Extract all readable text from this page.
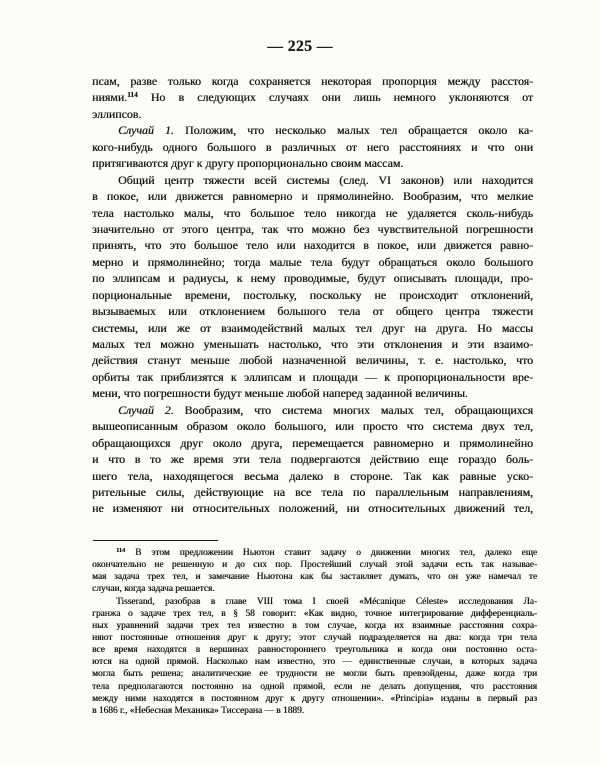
— 225 —
псам, разве только когда сохраняется некоторая пропорция между расстоя-
ниями.$^{114}$ Но в следующих случаях они лишь немного уклоняются от
эллипсов.
Случай 1. Положим, что несколько малых тел обращается около ка-
кого-нибудь одного большого в различных от него расстояниях и что они
притягиваются друг к другу пропорционально своим массам.
Общий центр тяжести всей системы (след. VI законов) или находится
в покое, или движется равномерно и прямолинейно. Вообразим, что мелкие
тела настолько малы, что большое тело никогда не удаляется сколь-нибудь
значительно от этого центра, так что можно без чувствительной погрешности
принять, что это большое тело или находится в покое, или движется равно-
мерно и прямолинейно; тогда малые тела будут обращаться около большого
по эллипсам и радиусы, к нему проводимые, будут описывать площади, про-
порциональные времени, постольку, поскольку не происходит отклонений,
вызываемых или отклонением большого тела от общего центра тяжести
системы, или же от взаимодействий малых тел друг на друга. Но массы
малых тел можно уменьшать настолько, что эти отклонения и эти взаимо-
действия станут меньше любой назначенной величины, т. е. настолько, что
орбиты так приблизятся к эллипсам и площади — к пропорциональности вре-
мени, что погрешности будут меньше любой наперед заданной величины.
Случай 2. Вообразим, что система многих малых тел, обращающихся
вышеописанным образом около большого, или просто что система двух тел,
обращающихся друг около друга, перемещается равномерно и прямолинейно
и что в то же время эти тела подвергаются действию еще гораздо боль-
шего тела, находящегося весьма далеко в стороне. Так как равные уско-
рительные силы, действующие на все тела по параллельным направлениям,
не изменяют ни относительных положений, ни относительных движений тел,
$^{114}$ В этом предложении Ньютон ставит задачу о движении многих тел, далеко еще
окончательно не решенную и до сих пор. Простейший случай этой задачи есть так называе-
мая задача трех тел, и замечание Ньютона как бы заставляет думать, что он уже намечал те
случаи, когда задача решается.
Tisserand, разобрав в главе VIII тома I своей «Mécanique Céleste» исследования Ла-
гранжа о задаче трех тел, в § 58 говорит: «Как видно, точное интегрирование дифференциаль-
ных уравнений задачи трех тел известно в том случае, когда их взаимные расстояния сохра-
няют постоянные отношения друг к другу; этот случай подразделяется на два: когда три тела
все время находятся в вершинах равностороннего треугольника и когда они постоянно оста-
ются на одной прямой. Насколько нам известно, это — единственные случаи, в которых задача
могла быть решена; аналитические ее трудности не могли быть превзойдены, даже когда три
тела предполагаются постоянно на одной прямой, если не делать допущения, что расстояния
между ними находятся в постоянном друг к другу отношении». «Principia» изданы в первый раз
в 1686 г., «Небесная Механика» Тиссерана — в 1889.
